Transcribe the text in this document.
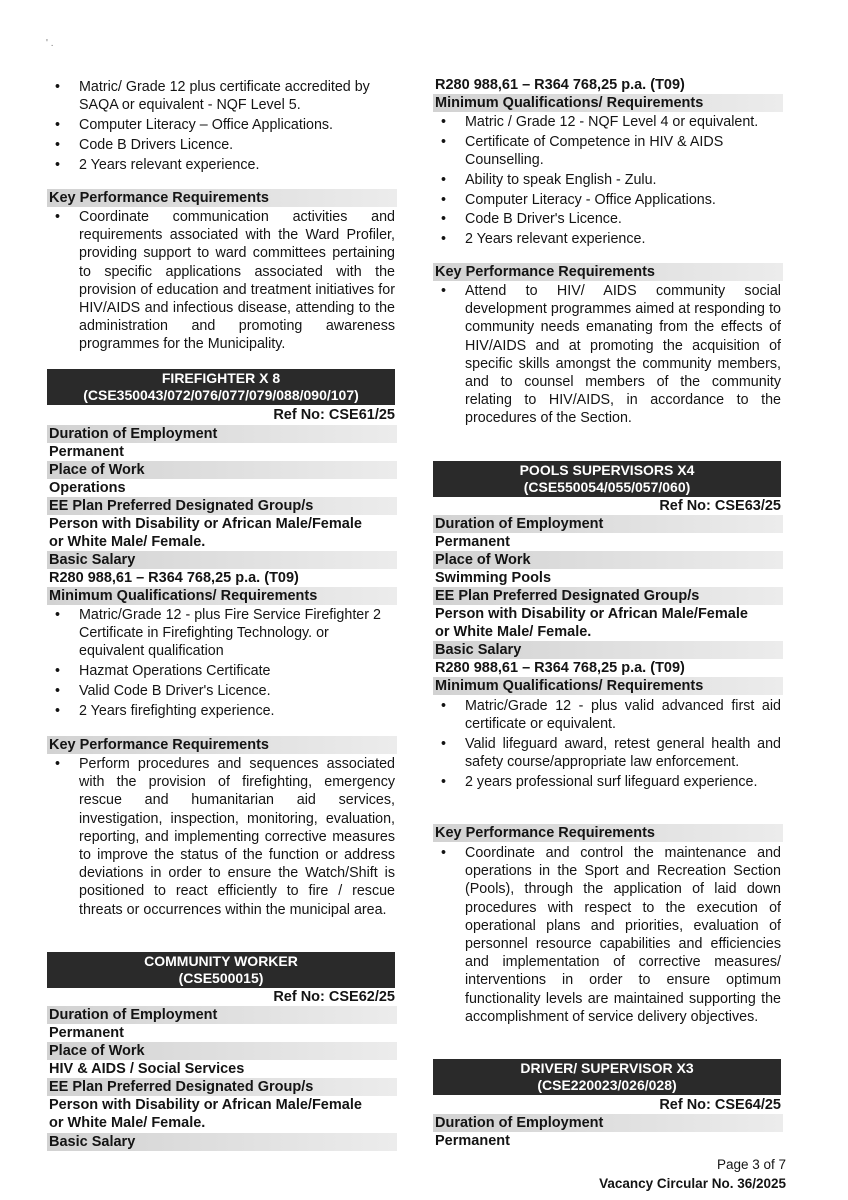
' .
• Matric/ Grade 12 plus certificate accredited by SAQA or equivalent - NQF Level 5.
• Computer Literacy – Office Applications.
• Code B Drivers Licence.
• 2 Years relevant experience.
Key Performance Requirements
• Coordinate communication activities and requirements associated with the Ward Profiler, providing support to ward committees pertaining to specific applications associated with the provision of education and treatment initiatives for HIV/AIDS and infectious disease, attending to the administration and promoting awareness programmes for the Municipality.
FIREFIGHTER X 8
(CSE350043/072/076/077/079/088/090/107)
Ref No: CSE61/25
Duration of Employment
Permanent
Place of Work
Operations
EE Plan Preferred Designated Group/s
Person with Disability or African Male/Female
or White Male/ Female.
Basic Salary
R280 988,61 – R364 768,25 p.a. (T09)
Minimum Qualifications/ Requirements
• Matric/Grade 12 - plus Fire Service Firefighter 2 Certificate in Firefighting Technology. or equivalent qualification
• Hazmat Operations Certificate
• Valid Code B Driver's Licence.
• 2 Years firefighting experience.
Key Performance Requirements
• Perform procedures and sequences associated with the provision of firefighting, emergency rescue and humanitarian aid services, investigation, inspection, monitoring, evaluation, reporting, and implementing corrective measures to improve the status of the function or address deviations in order to ensure the Watch/Shift is positioned to react efficiently to fire / rescue threats or occurrences within the municipal area.
COMMUNITY WORKER
(CSE500015)
Ref No: CSE62/25
Duration of Employment
Permanent
Place of Work
HIV & AIDS / Social Services
EE Plan Preferred Designated Group/s
Person with Disability or African Male/Female
or White Male/ Female.
Basic Salary
R280 988,61 – R364 768,25 p.a. (T09)
Minimum Qualifications/ Requirements
• Matric / Grade 12 - NQF Level 4 or equivalent.
• Certificate of Competence in HIV & AIDS Counselling.
• Ability to speak English - Zulu.
• Computer Literacy - Office Applications.
• Code B Driver's Licence.
• 2 Years relevant experience.
Key Performance Requirements
• Attend to HIV/ AIDS community social development programmes aimed at responding to community needs emanating from the effects of HIV/AIDS and at promoting the acquisition of specific skills amongst the community members, and to counsel members of the community relating to HIV/AIDS, in accordance to the procedures of the Section.
POOLS SUPERVISORS X4
(CSE550054/055/057/060)
Ref No: CSE63/25
Duration of Employment
Permanent
Place of Work
Swimming Pools
EE Plan Preferred Designated Group/s
Person with Disability or African Male/Female
or White Male/ Female.
Basic Salary
R280 988,61 – R364 768,25 p.a. (T09)
Minimum Qualifications/ Requirements
• Matric/Grade 12 - plus valid advanced first aid certificate or equivalent.
• Valid lifeguard award, retest general health and safety course/appropriate law enforcement.
• 2 years professional surf lifeguard experience.
Key Performance Requirements
• Coordinate and control the maintenance and operations in the Sport and Recreation Section (Pools), through the application of laid down procedures with respect to the execution of operational plans and priorities, evaluation of personnel resource capabilities and efficiencies and implementation of corrective measures/ interventions in order to ensure optimum functionality levels are maintained supporting the accomplishment of service delivery objectives.
DRIVER/ SUPERVISOR X3
(CSE220023/026/028)
Ref No: CSE64/25
Duration of Employment
Permanent
Page 3 of 7
Vacancy Circular No. 36/2025
